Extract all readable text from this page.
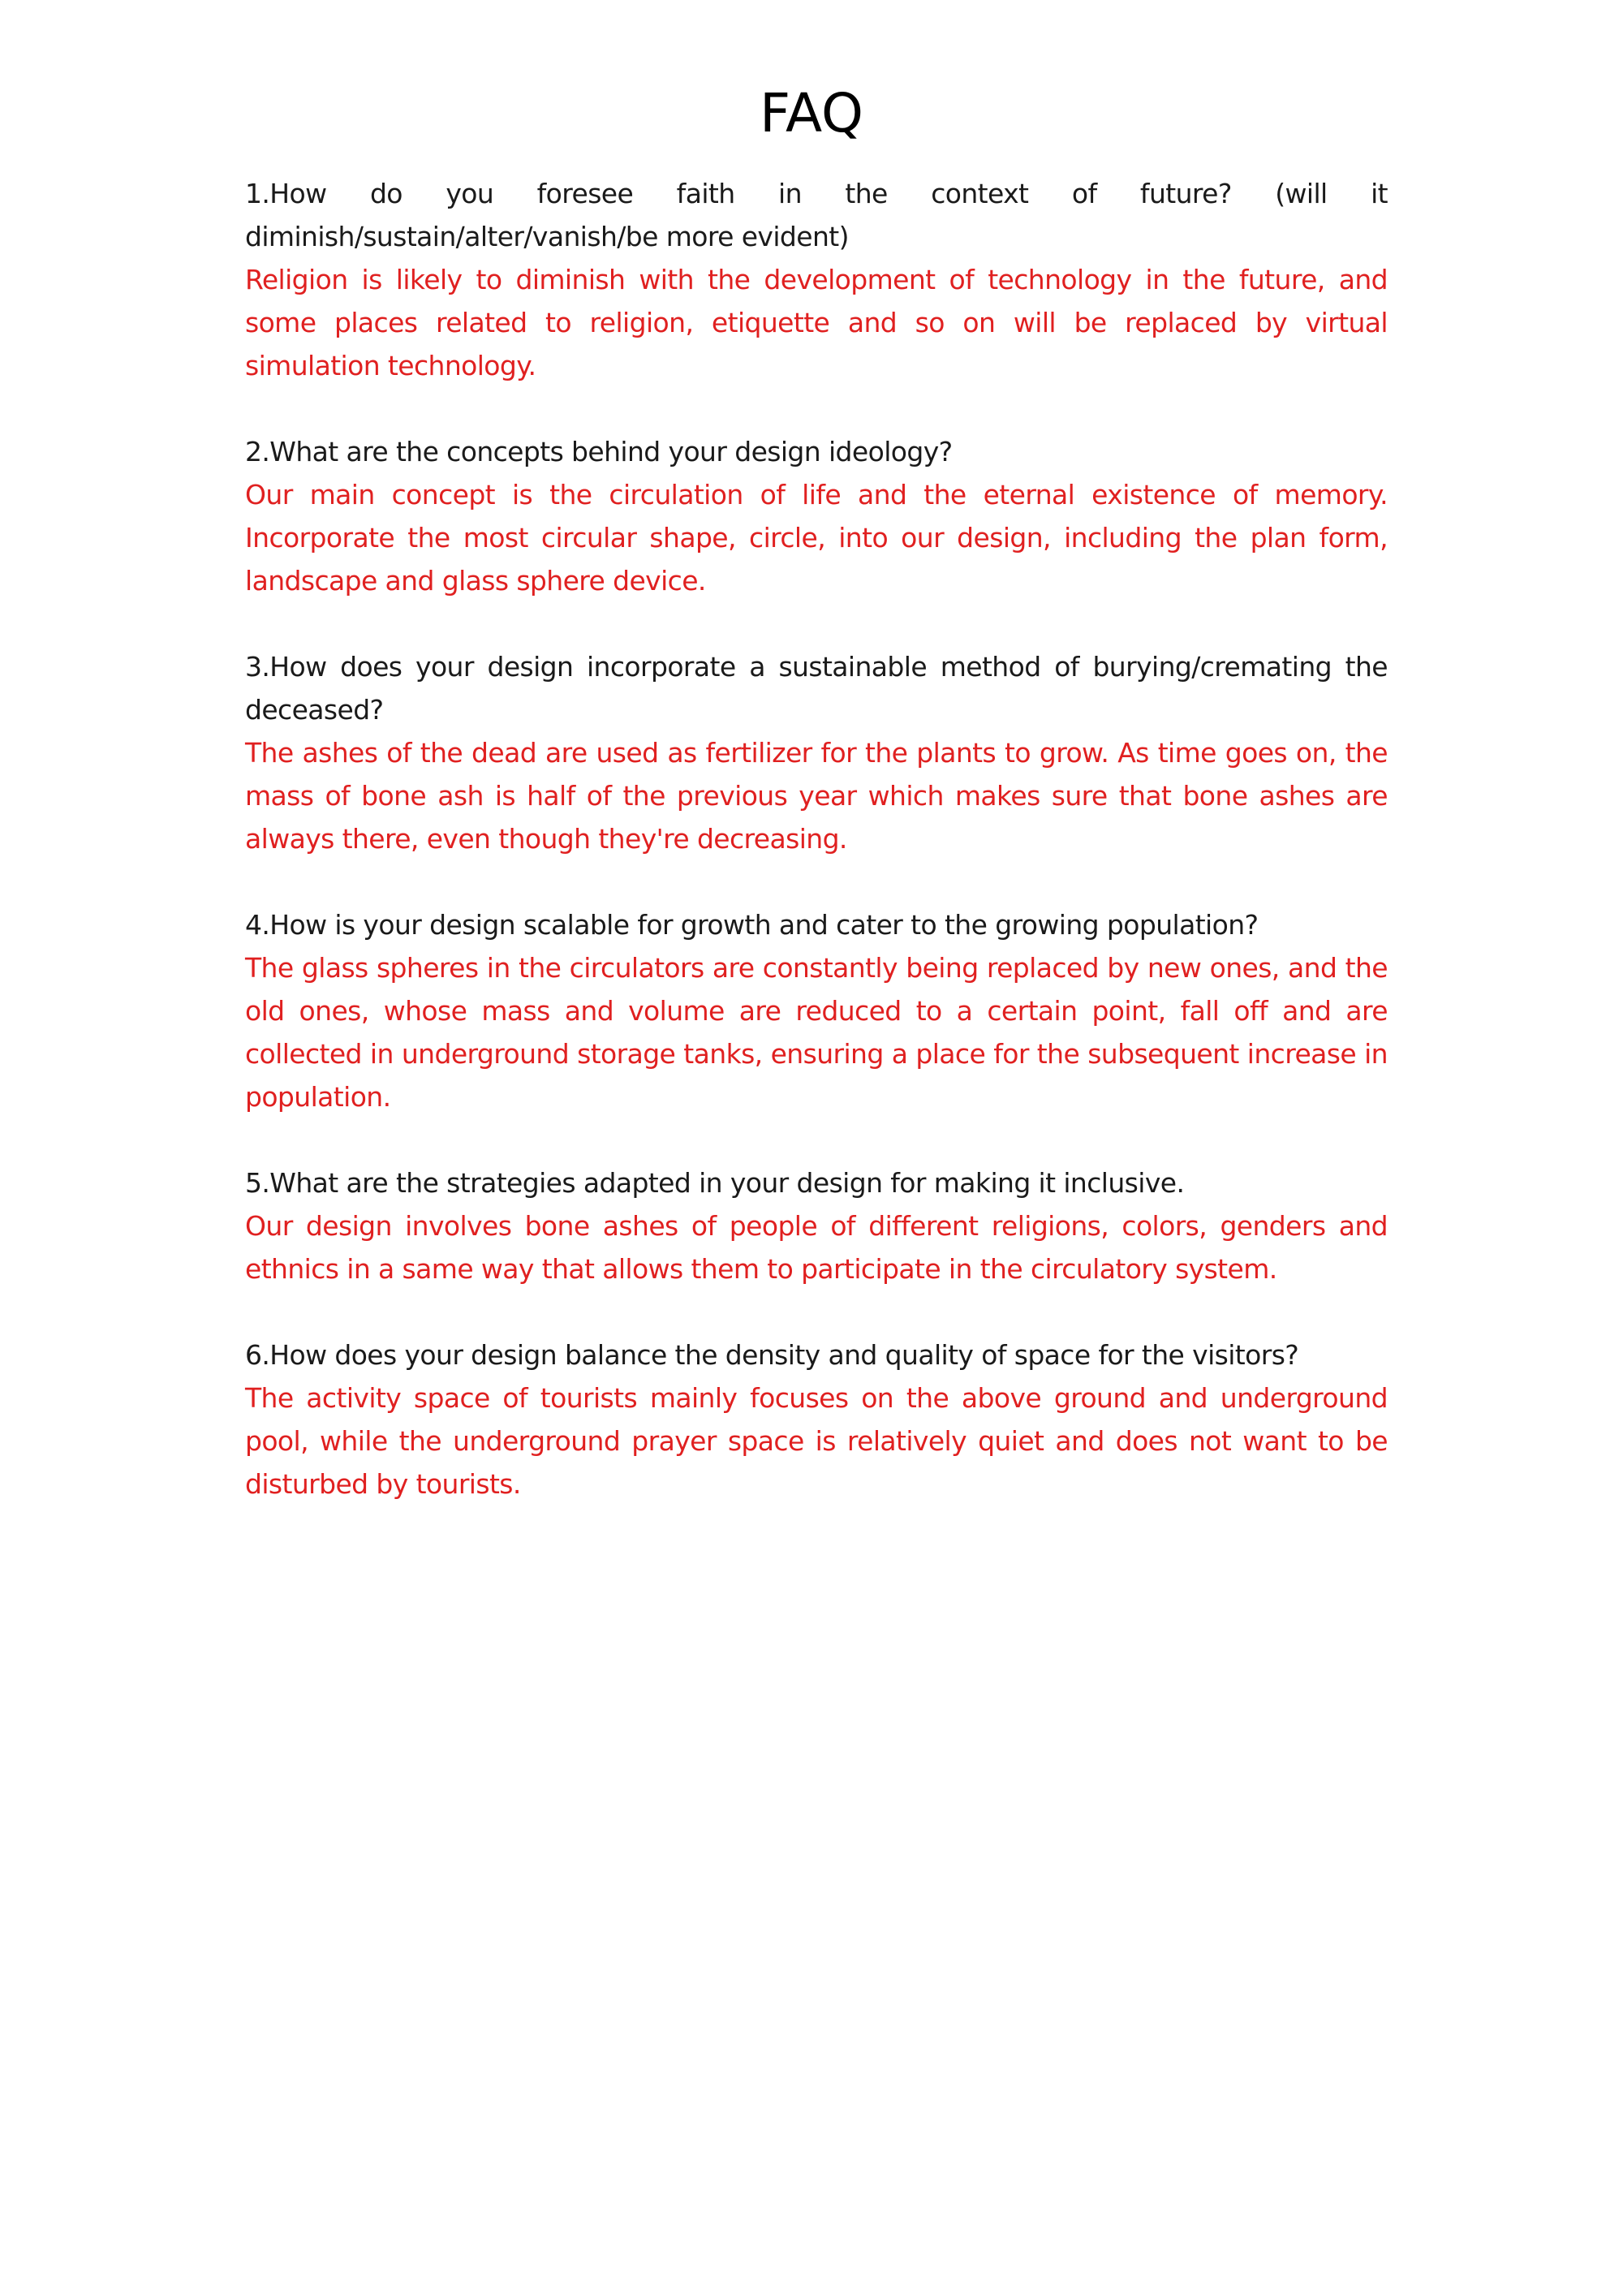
FAQ

1.How do you foresee faith in the context of future? (will it diminish/sustain/alter/vanish/be more evident)

Religion is likely to diminish with the development of technology in the future, and some places related to religion, etiquette and so on will be replaced by virtual simulation technology.

2.What are the concepts behind your design ideology?

Our main concept is the circulation of life and the eternal existence of memory. Incorporate the most circular shape, circle, into our design, including the plan form, landscape and glass sphere device.

3.How does your design incorporate a sustainable method of burying/cremating the deceased?

The ashes of the dead are used as fertilizer for the plants to grow. As time goes on, the mass of bone ash is half of the previous year which makes sure that bone ashes are always there, even though they're decreasing.

4.How is your design scalable for growth and cater to the growing population?

The glass spheres in the circulators are constantly being replaced by new ones, and the old ones, whose mass and volume are reduced to a certain point, fall off and are collected in underground storage tanks, ensuring a place for the subsequent increase in population.

5.What are the strategies adapted in your design for making it inclusive.

Our design involves bone ashes of people of different religions, colors, genders and ethnics in a same way that allows them to participate in the circulatory system.

6.How does your design balance the density and quality of space for the visitors?

The activity space of tourists mainly focuses on the above ground and underground pool, while the underground prayer space is relatively quiet and does not want to be disturbed by tourists.
